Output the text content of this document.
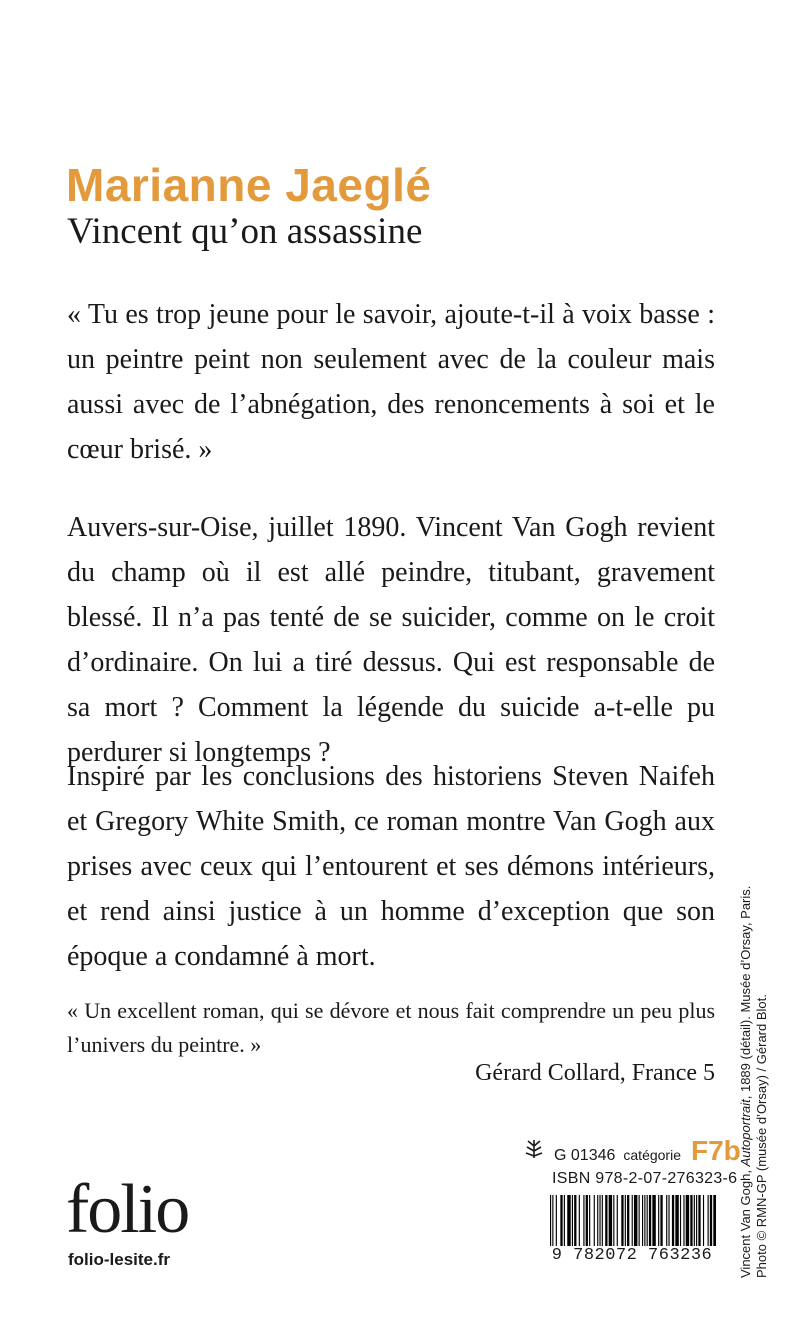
Marianne Jaeglé
Vincent qu’on assassine

« Tu es trop jeune pour le savoir, ajoute-t-il à voix basse : un peintre peint non seulement avec de la couleur mais aussi avec de l’abnégation, des renoncements à soi et le cœur brisé. »

Auvers-sur-Oise, juillet 1890. Vincent Van Gogh revient du champ où il est allé peindre, titubant, gravement blessé. Il n’a pas tenté de se suicider, comme on le croit d’ordinaire. On lui a tiré dessus. Qui est responsable de sa mort ? Comment la légende du suicide a-t-elle pu perdurer si longtemps ?

Inspiré par les conclusions des historiens Steven Naifeh et Gregory White Smith, ce roman montre Van Gogh aux prises avec ceux qui l’entourent et ses démons intérieurs, et rend ainsi justice à un homme d’exception que son époque a condamné à mort.

« Un excellent roman, qui se dévore et nous fait comprendre un peu plus l’univers du peintre. »

Gérard Collard, France 5
G 01346 catégorie F7b
ISBN 978-2-07-276323-6
9 782072 763236
folio
folio-lesite.fr	Vincent Van Gogh, Autoportrait, 1889 (détail). Musée d’Orsay, Paris.
Photo © RMN-GP (musée d’Orsay) / Gérard Blot.
